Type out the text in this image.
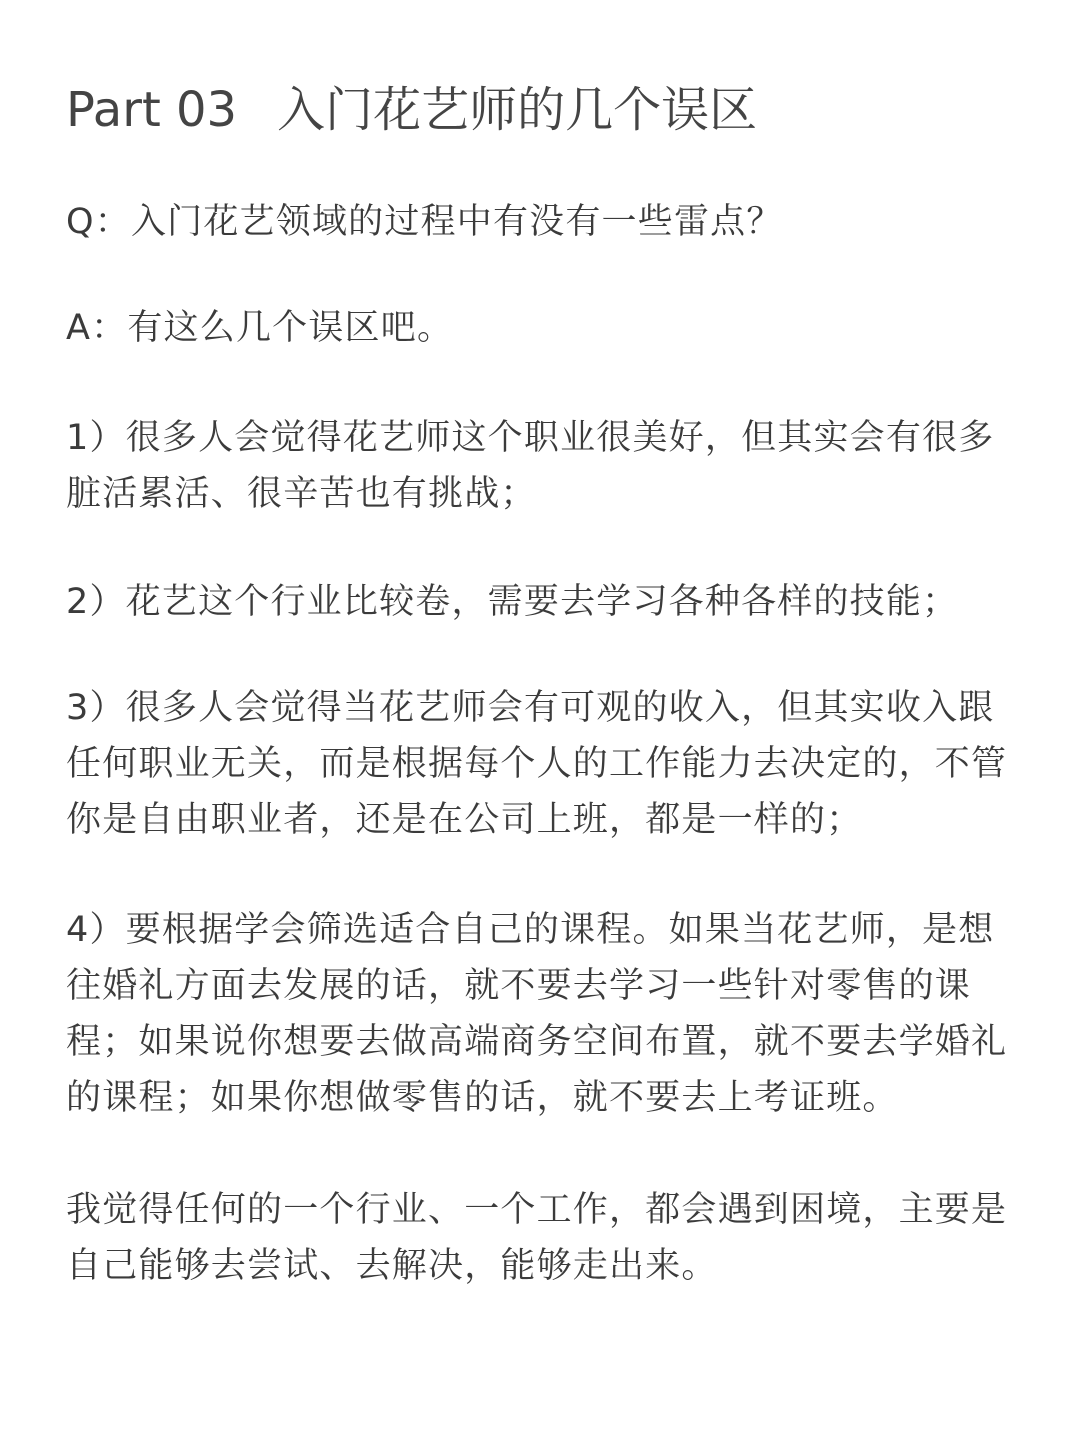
Part 03 入门花艺师的几个误区
Q：入门花艺领域的过程中有没有一些雷点？
A：有这么几个误区吧。
1）很多人会觉得花艺师这个职业很美好，但其实会有很多脏活累活、很辛苦也有挑战；
2）花艺这个行业比较卷，需要去学习各种各样的技能；
3）很多人会觉得当花艺师会有可观的收入，但其实收入跟任何职业无关，而是根据每个人的工作能力去决定的，不管你是自由职业者，还是在公司上班，都是一样的；
4）要根据学会筛选适合自己的课程。如果当花艺师，是想往婚礼方面去发展的话，就不要去学习一些针对零售的课程；如果说你想要去做高端商务空间布置，就不要去学婚礼的课程；如果你想做零售的话，就不要去上考证班。
我觉得任何的一个行业、一个工作，都会遇到困境，主要是自己能够去尝试、去解决，能够走出来。
